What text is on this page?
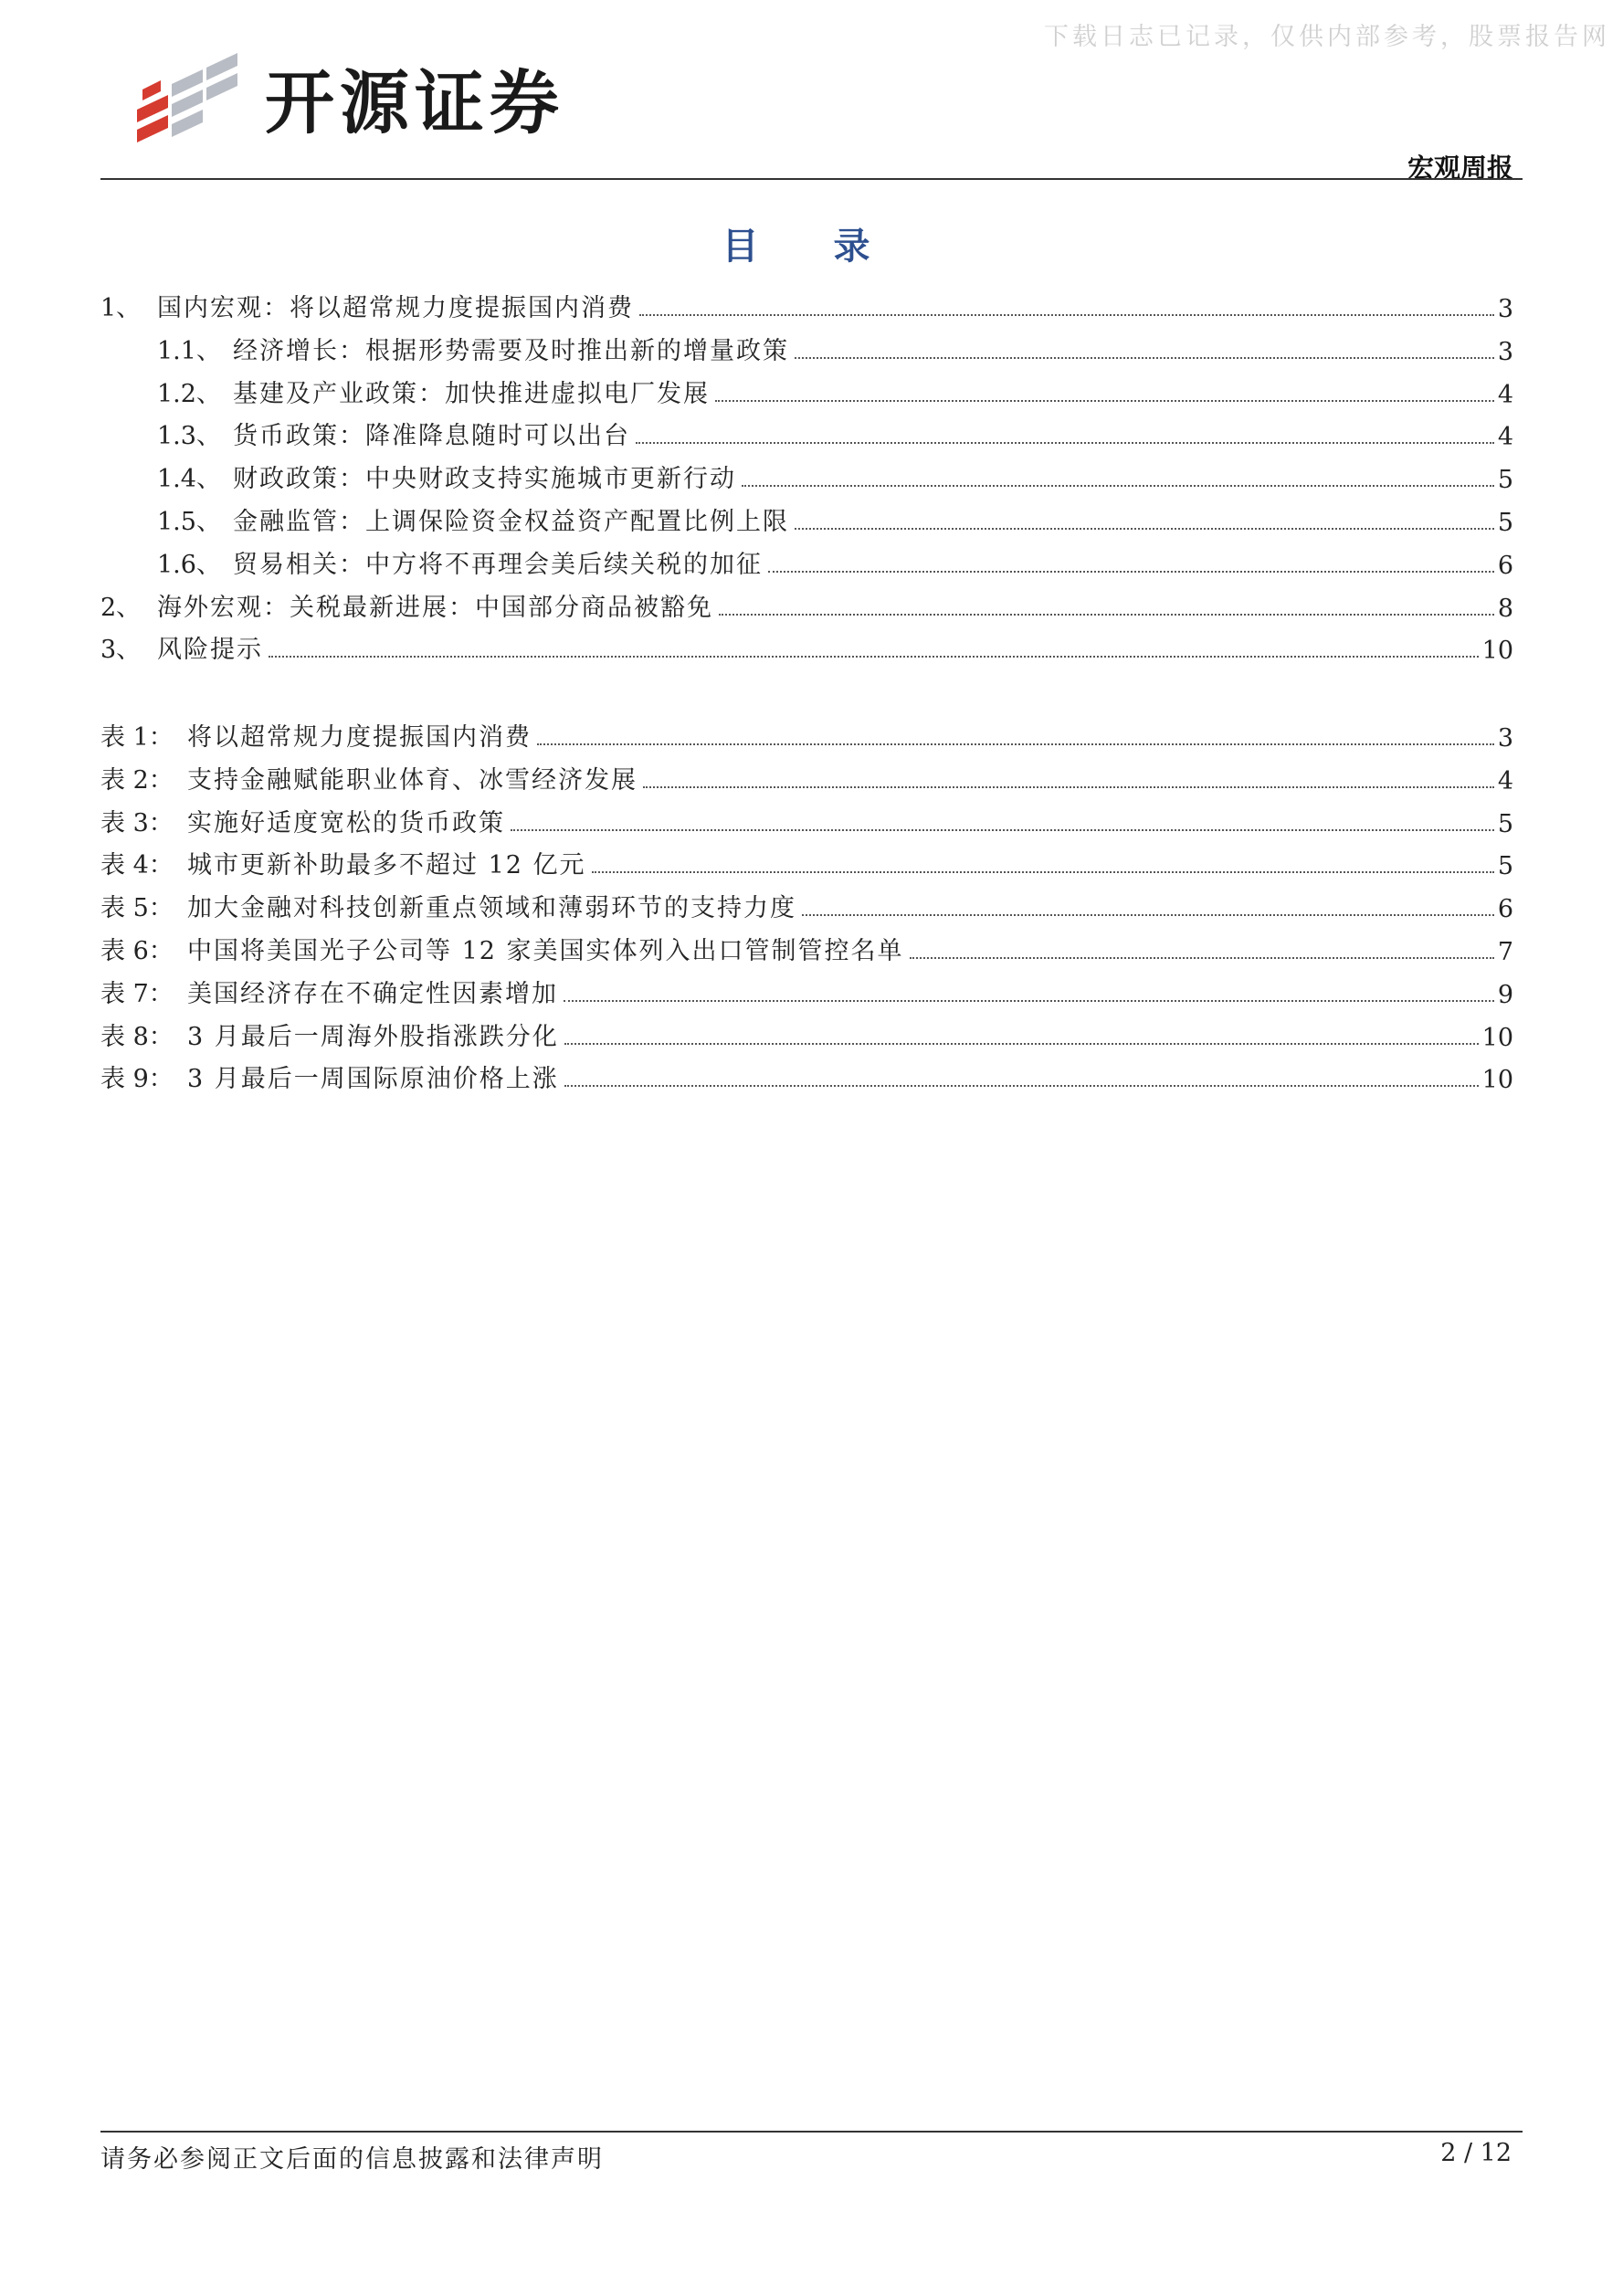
下载日志已记录，仅供内部参考，股票报告网
开源证券
宏观周报
目 录
1、 国内宏观：将以超常规力度提振国内消费	3
1.1、 经济增长：根据形势需要及时推出新的增量政策	3
1.2、 基建及产业政策：加快推进虚拟电厂发展	4
1.3、 货币政策：降准降息随时可以出台	4
1.4、 财政政策：中央财政支持实施城市更新行动	5
1.5、 金融监管：上调保险资金权益资产配置比例上限	5
1.6、 贸易相关：中方将不再理会美后续关税的加征	6
2、 海外宏观：关税最新进展：中国部分商品被豁免	8
3、 风险提示	10
表 1： 将以超常规力度提振国内消费	3
表 2： 支持金融赋能职业体育、冰雪经济发展	4
表 3： 实施好适度宽松的货币政策	5
表 4： 城市更新补助最多不超过 12 亿元	5
表 5： 加大金融对科技创新重点领域和薄弱环节的支持力度	6
表 6： 中国将美国光子公司等 12 家美国实体列入出口管制管控名单	7
表 7： 美国经济存在不确定性因素增加	9
表 8： 3 月最后一周海外股指涨跌分化	10
表 9： 3 月最后一周国际原油价格上涨	10
请务必参阅正文后面的信息披露和法律声明	2 / 12
